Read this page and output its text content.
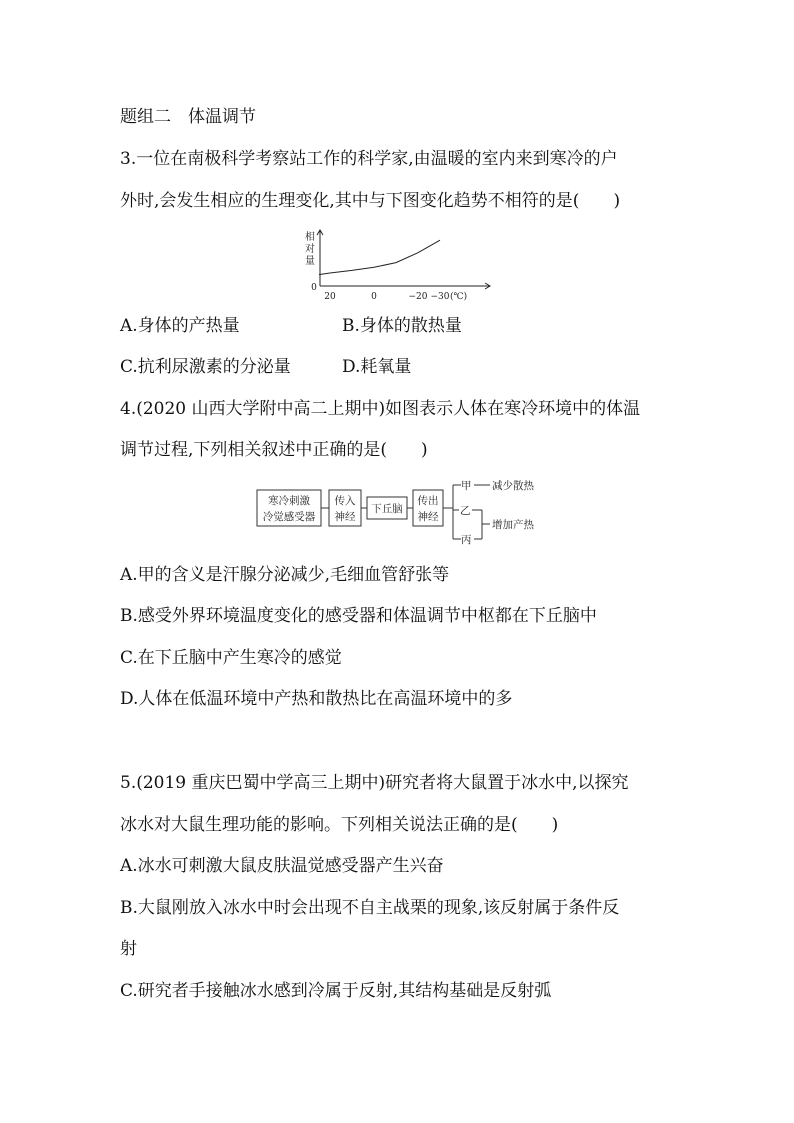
题组二　体温调节
3.一位在南极科学考察站工作的科学家,由温暖的室内来到寒冷的户
外时,会发生相应的生理变化,其中与下图变化趋势不相符的是(　　)
相
对
量
0
20	0	−20 −30 (℃)
A.身体的产热量	B.身体的散热量
C.抗利尿激素的分泌量	D.耗氧量
4.(2020 山西大学附中高二上期中)如图表示人体在寒冷环境中的体温
调节过程,下列相关叙述中正确的是(　　)
寒冷刺激
冷觉感受器
传入
神经
下丘脑
传出
神经
甲
乙
丙
减少散热
增加产热
A.甲的含义是汗腺分泌减少,毛细血管舒张等
B.感受外界环境温度变化的感受器和体温调节中枢都在下丘脑中
C.在下丘脑中产生寒冷的感觉
D.人体在低温环境中产热和散热比在高温环境中的多
5.(2019 重庆巴蜀中学高三上期中)研究者将大鼠置于冰水中,以探究
冰水对大鼠生理功能的影响。下列相关说法正确的是(　　)
A.冰水可刺激大鼠皮肤温觉感受器产生兴奋
B.大鼠刚放入冰水中时会出现不自主战栗的现象,该反射属于条件反
射
C.研究者手接触冰水感到冷属于反射,其结构基础是反射弧
